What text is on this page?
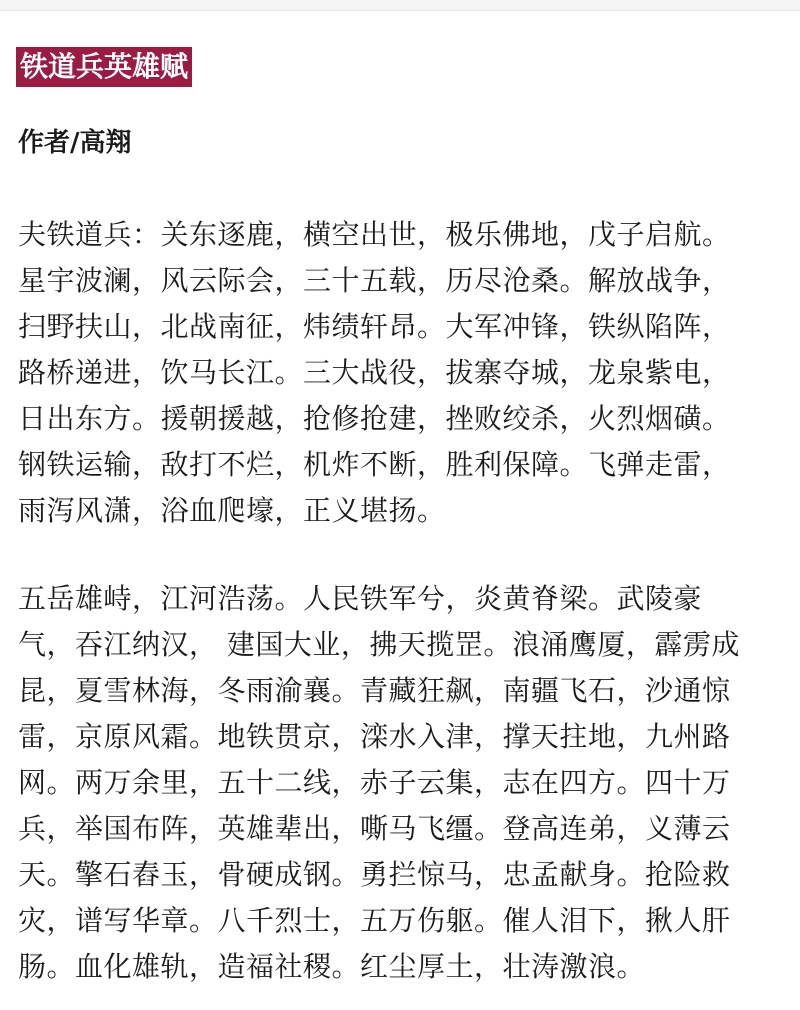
铁道兵英雄赋
作者/高翔
夫铁道兵：关东逐鹿，横空出世，极乐佛地，戊子启航。
星宇波澜，风云际会，三十五载，历尽沧桑。解放战争，
扫野扶山，北战南征，炜绩轩昂。大军冲锋，铁纵陷阵，
路桥递进，饮马长江。三大战役，拔寨夺城，龙泉紫电，
日出东方。援朝援越，抢修抢建，挫败绞杀，火烈烟磺。
钢铁运输，敌打不烂，机炸不断，胜利保障。飞弹走雷，
雨泻风潇，浴血爬壕，正义堪扬。
五岳雄峙，江河浩荡。人民铁军兮，炎黄脊梁。武陵豪
气，吞江纳汉， 建国大业，拂天揽罡。浪涌鹰厦，霹雳成
昆，夏雪林海，冬雨渝襄。青藏狂飙，南疆飞石，沙通惊
雷，京原风霜。地铁贯京，滦水入津，撑天拄地，九州路
网。两万余里，五十二线，赤子云集，志在四方。四十万
兵，举国布阵，英雄辈出，嘶马飞缰。登高连弟，义薄云
天。擎石舂玉，骨硬成钢。勇拦惊马，忠孟献身。抢险救
灾，谱写华章。八千烈士，五万伤躯。催人泪下，揪人肝
肠。血化雄轨，造福社稷。红尘厚土，壮涛激浪。
